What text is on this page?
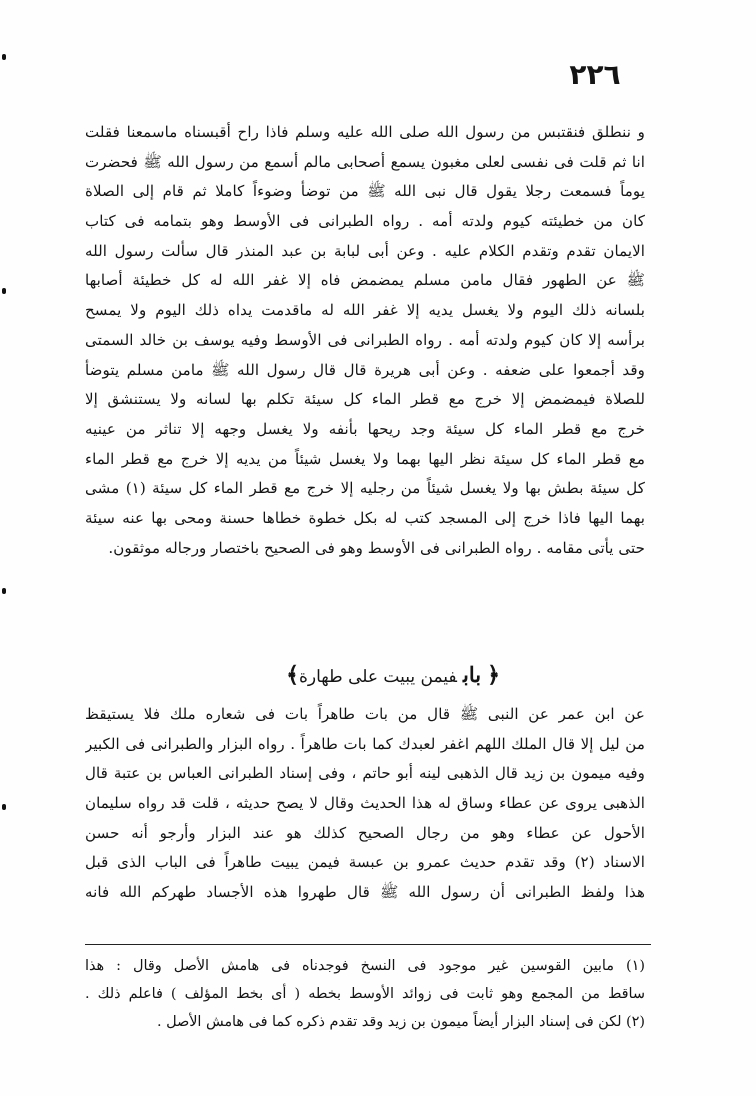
٢٢٦
و ننطلق فنقتبس من رسول الله صلى الله عليه وسلم فاذا راح أقبسناه ماسمعنا فقلت
انا ثم قلت فى نفسى لعلى مغبون يسمع أصحابى مالم أسمع من رسول الله ﷺ فحضرت
يوماً فسمعت رجلا يقول قال نبى الله ﷺ من توضأ وضوءاً كاملا ثم قام إلى الصلاة
كان من خطيئته كيوم ولدته أمه . رواه الطبرانى فى الأوسط وهو بتمامه فى كتاب
الايمان تقدم وتقدم الكلام عليه . وعن أبى لبابة بن عبد المنذر قال سألت رسول الله
ﷺ عن الطهور فقال مامن مسلم يمضمض فاه إلا غفر الله له كل خطيئة أصابها
بلسانه ذلك اليوم ولا يغسل يديه إلا غفر الله له ماقدمت يداه ذلك اليوم ولا يمسح
برأسه إلا كان كيوم ولدته أمه . رواه الطبرانى فى الأوسط وفيه يوسف بن خالد السمتى
وقد أجمعوا على ضعفه . وعن أبى هريرة قال قال رسول الله ﷺ مامن مسلم يتوضأ
للصلاة فيمضمض إلا خرج مع قطر الماء كل سيئة تكلم بها لسانه ولا يستنشق إلا
خرج مع قطر الماء كل سيئة وجد ريحها بأنفه ولا يغسل وجهه إلا تناثر من عينيه
مع قطر الماء كل سيئة نظر اليها بهما ولا يغسل شيئاً من يديه إلا خرج مع قطر الماء
كل سيئة بطش بها ولا يغسل شيئاً من رجليه إلا خرج مع قطر الماء كل سيئة (١) مشى
بهما اليها فاذا خرج إلى المسجد كتب له بكل خطوة خطاها حسنة ومحى بها عنه سيئة
حتى يأتى مقامه . رواه الطبرانى فى الأوسط وهو فى الصحيح باختصار ورجاله موثقون.
﴿بابفيمن يبيت على طهارة﴾
عن ابن عمر عن النبى ﷺ قال من بات طاهراً بات فى شعاره ملك فلا يستيقظ
من ليل إلا قال الملك اللهم اغفر لعبدك كما بات طاهراً . رواه البزار والطبرانى فى الكبير
وفيه ميمون بن زيد قال الذهبى لينه أبو حاتم ، وفى إسناد الطبرانى العباس بن عتبة قال
الذهبى يروى عن عطاء وساق له هذا الحديث وقال لا يصح حديثه ، قلت قد رواه سليمان
الأحول عن عطاء وهو من رجال الصحيح كذلك هو عند البزار وأرجو أنه حسن
الاسناد (٢) وقد تقدم حديث عمرو بن عبسة فيمن يبيت طاهراً فى الباب الذى قبل
هذا ولفظ الطبرانى أن رسول الله ﷺ قال طهروا هذه الأجساد طهركم الله فانه
(١) مابين القوسين غير موجود فى النسخ فوجدناه فى هامش الأصل وقال : هذا
ساقط من المجمع وهو ثابت فى زوائد الأوسط بخطه ( أى بخط المؤلف ) فاعلم ذلك .
(٢) لكن فى إسناد البزار أيضاً ميمون بن زيد وقد تقدم ذكره كما فى هامش الأصل .
